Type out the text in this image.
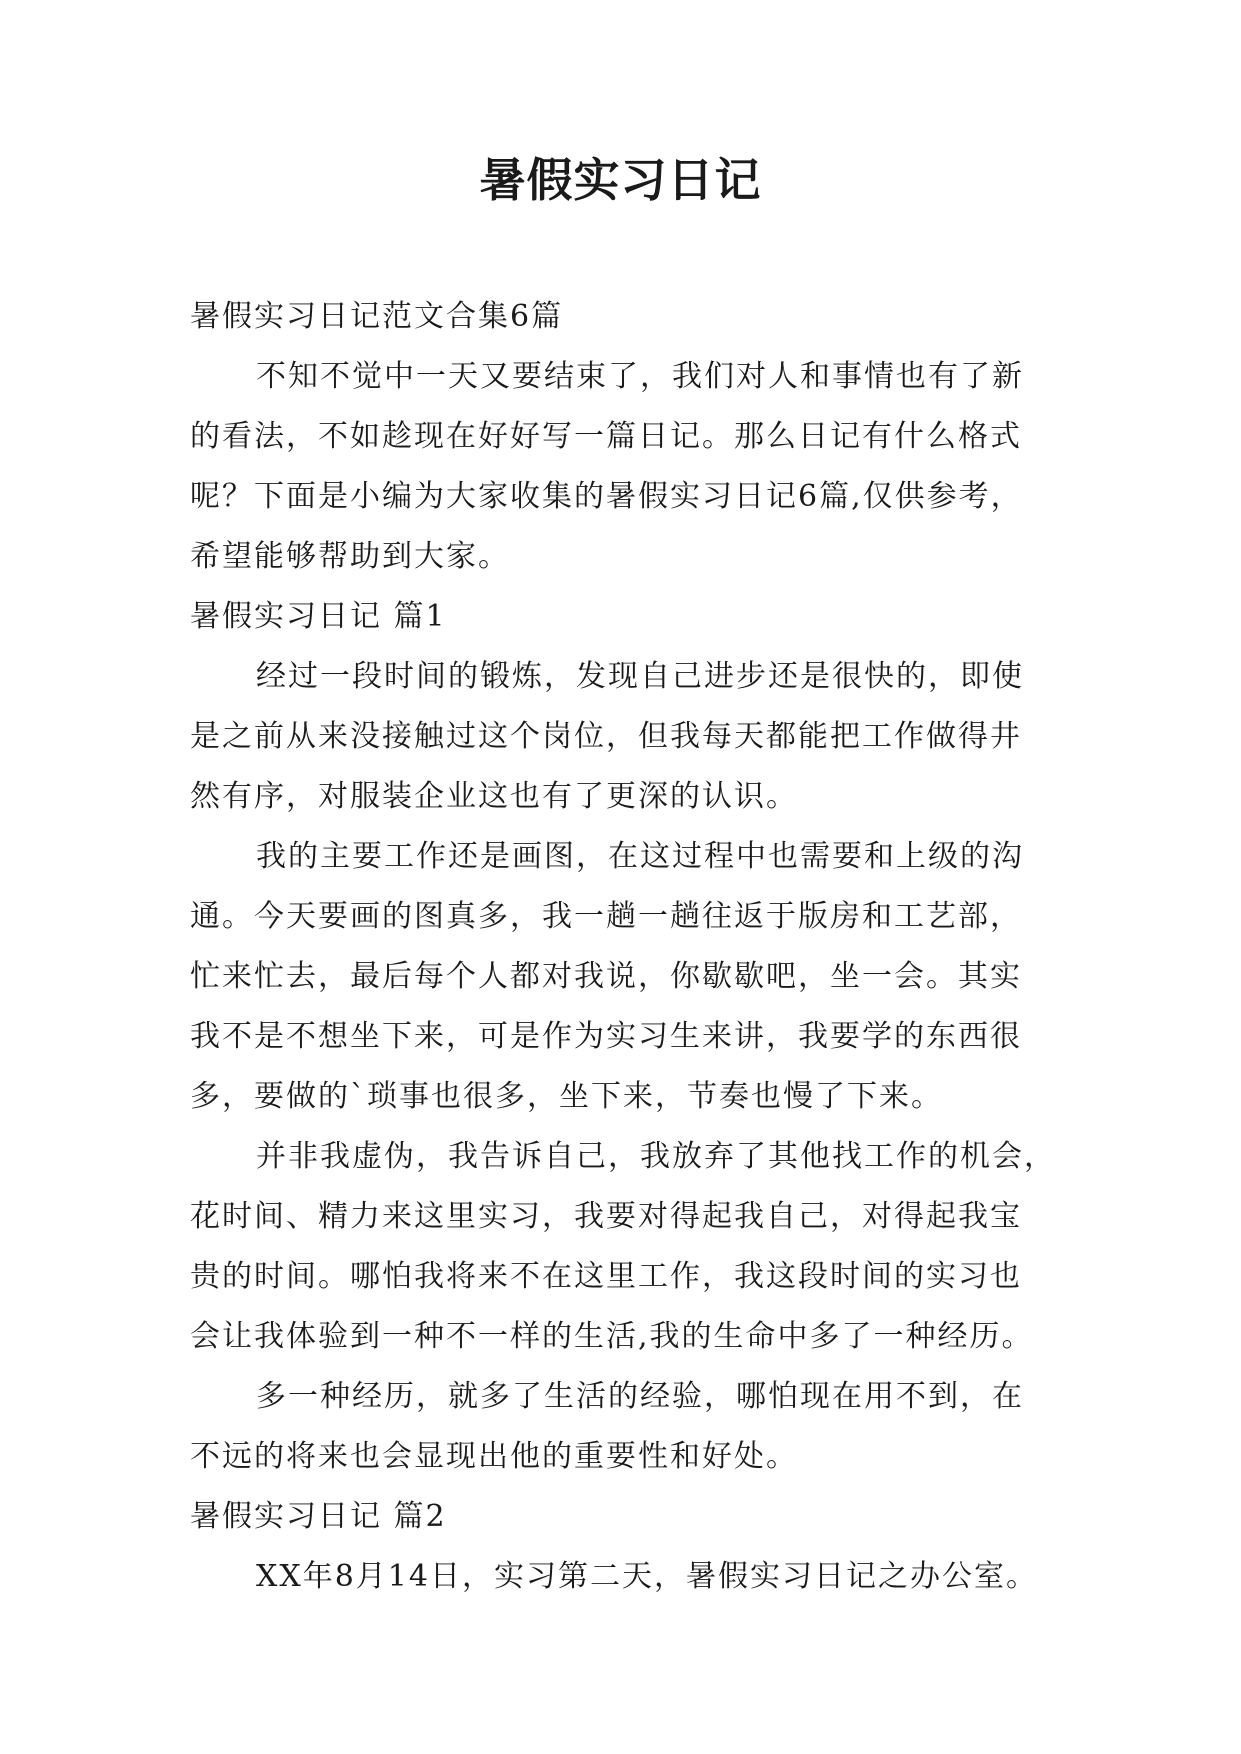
暑假实习日记

暑假实习日记范文合集6篇

不知不觉中一天又要结束了，我们对人和事情也有了新

的看法，不如趁现在好好写一篇日记。那么日记有什么格式

呢？下面是小编为大家收集的暑假实习日记6篇,仅供参考，

希望能够帮助到大家。

暑假实习日记 篇1

经过一段时间的锻炼，发现自己进步还是很快的，即使

是之前从来没接触过这个岗位，但我每天都能把工作做得井

然有序，对服装企业这也有了更深的认识。

我的主要工作还是画图，在这过程中也需要和上级的沟

通。今天要画的图真多，我一趟一趟往返于版房和工艺部，

忙来忙去，最后每个人都对我说，你歇歇吧，坐一会。其实

我不是不想坐下来，可是作为实习生来讲，我要学的东西很

多，要做的`琐事也很多，坐下来，节奏也慢了下来。

并非我虚伪，我告诉自己，我放弃了其他找工作的机会，

花时间、精力来这里实习，我要对得起我自己，对得起我宝

贵的时间。哪怕我将来不在这里工作，我这段时间的实习也

会让我体验到一种不一样的生活,我的生命中多了一种经历。

多一种经历，就多了生活的经验，哪怕现在用不到，在

不远的将来也会显现出他的重要性和好处。

暑假实习日记 篇2

XX年8月14日，实习第二天，暑假实习日记之办公室。
